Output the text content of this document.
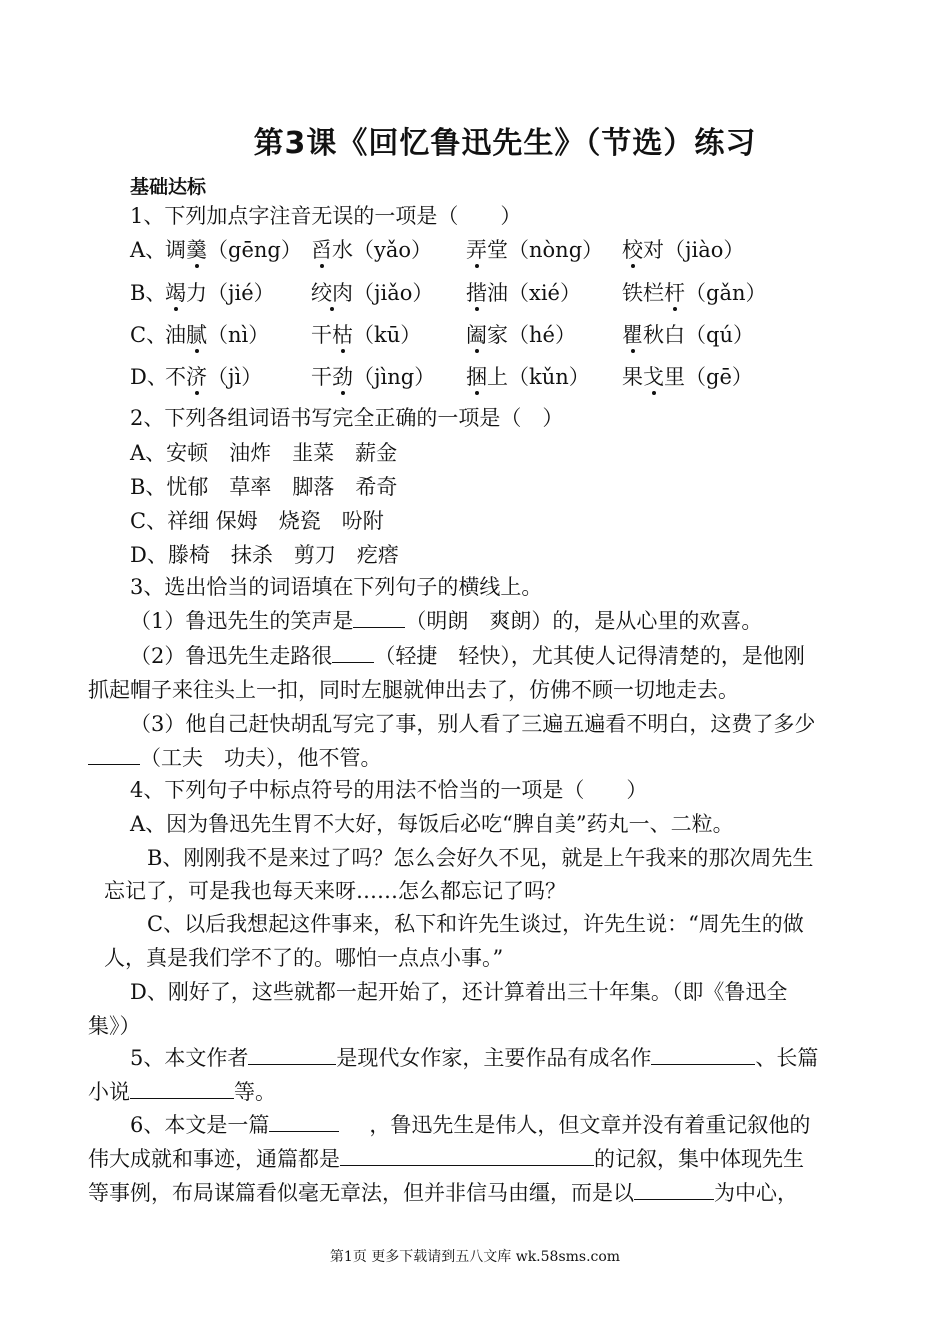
第3课《回忆鲁迅先生》（节选）练习
基础达标
1、下列加点字注音无误的一项是（　　）
A、
调羹（gēng） 舀水（yǎo） 弄堂（nòng） 校对（jiào）
B、
竭力（jié） 绞肉（jiǎo） 揩油（xié） 铁栏杆（gǎn）
C、
油腻（nì） 干枯（kū） 阖家（hé） 瞿秋白（qú）
D、
不济（jì） 干劲（jìng） 捆上（kǔn） 果戈里（gē）
2、下列各组词语书写完全正确的一项是（　）
A、安顿　油炸　韭菜　薪金
B、忧郁　草率　脚落　希奇
C、祥细 保姆　烧瓷　吩附
D、滕椅　抹杀　剪刀　疙瘩
3、选出恰当的词语填在下列句子的横线上。
（1）鲁迅先生的笑声是 （明朗　爽朗）的，是从心里的欢喜。
（2）鲁迅先生走路很 （轻捷　轻快），尤其使人记得清楚的，是他刚
抓起帽子来往头上一扣，同时左腿就伸出去了，仿佛不顾一切地走去。
（3）他自己赶快胡乱写完了事，别人看了三遍五遍看不明白，这费了多少
（工夫　功夫），他不管。
4、下列句子中标点符号的用法不恰当的一项是（　　）
A、因为鲁迅先生胃不大好，每饭后必吃“脾自美”药丸一、二粒。
B、刚刚我不是来过了吗？怎么会好久不见，就是上午我来的那次周先生
忘记了，可是我也每天来呀……怎么都忘记了吗？
C、以后我想起这件事来，私下和许先生谈过，许先生说：“周先生的做
人，真是我们学不了的。哪怕一点点小事。”
D、刚好了，这些就都一起开始了，还计算着出三十年集。（即《鲁迅全
集》）
5、本文作者	是现代女作家，主要作品有成名作	、长篇
小说	等。
6、本文是一篇	，鲁迅先生是伟人，但文章并没有着重记叙他的
伟大成就和事迹，通篇都是	的记叙，集中体现先生
等事例，布局谋篇看似毫无章法，但并非信马由缰，而是以	为中心，
第1页 更多下载请到五八文库 wk.58sms.com
